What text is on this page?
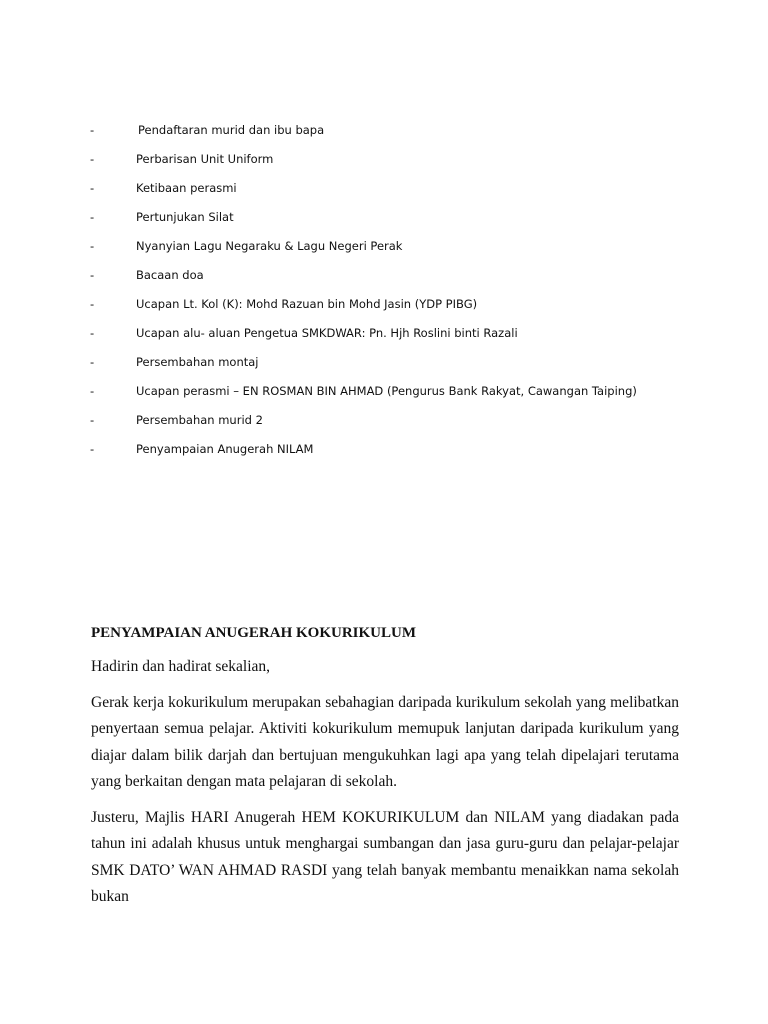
-	Pendaftaran murid dan ibu bapa
-	Perbarisan Unit Uniform
-	Ketibaan perasmi
-	Pertunjukan Silat
-	Nyanyian Lagu Negaraku & Lagu Negeri Perak
-	Bacaan doa
-	Ucapan Lt. Kol (K): Mohd Razuan bin Mohd Jasin (YDP PIBG)
-	Ucapan alu- aluan Pengetua SMKDWAR: Pn. Hjh Roslini binti Razali
-	Persembahan montaj
-	Ucapan perasmi – EN ROSMAN BIN AHMAD (Pengurus Bank Rakyat, Cawangan Taiping)
-	Persembahan murid 2
-	Penyampaian Anugerah NILAM
PENYAMPAIAN ANUGERAH KOKURIKULUM

Hadirin dan hadirat sekalian,

Gerak kerja kokurikulum merupakan sebahagian daripada kurikulum sekolah yang melibatkan penyertaan semua pelajar. Aktiviti kokurikulum memupuk lanjutan daripada kurikulum yang diajar dalam bilik darjah dan bertujuan mengukuhkan lagi apa yang telah dipelajari terutama yang berkaitan dengan mata pelajaran di sekolah.

Justeru, Majlis HARI Anugerah HEM KOKURIKULUM dan NILAM yang diadakan pada tahun ini adalah khusus untuk menghargai sumbangan dan jasa guru-guru dan pelajar-pelajar SMK DATO’ WAN AHMAD RASDI yang telah banyak membantu menaikkan nama sekolah bukan
